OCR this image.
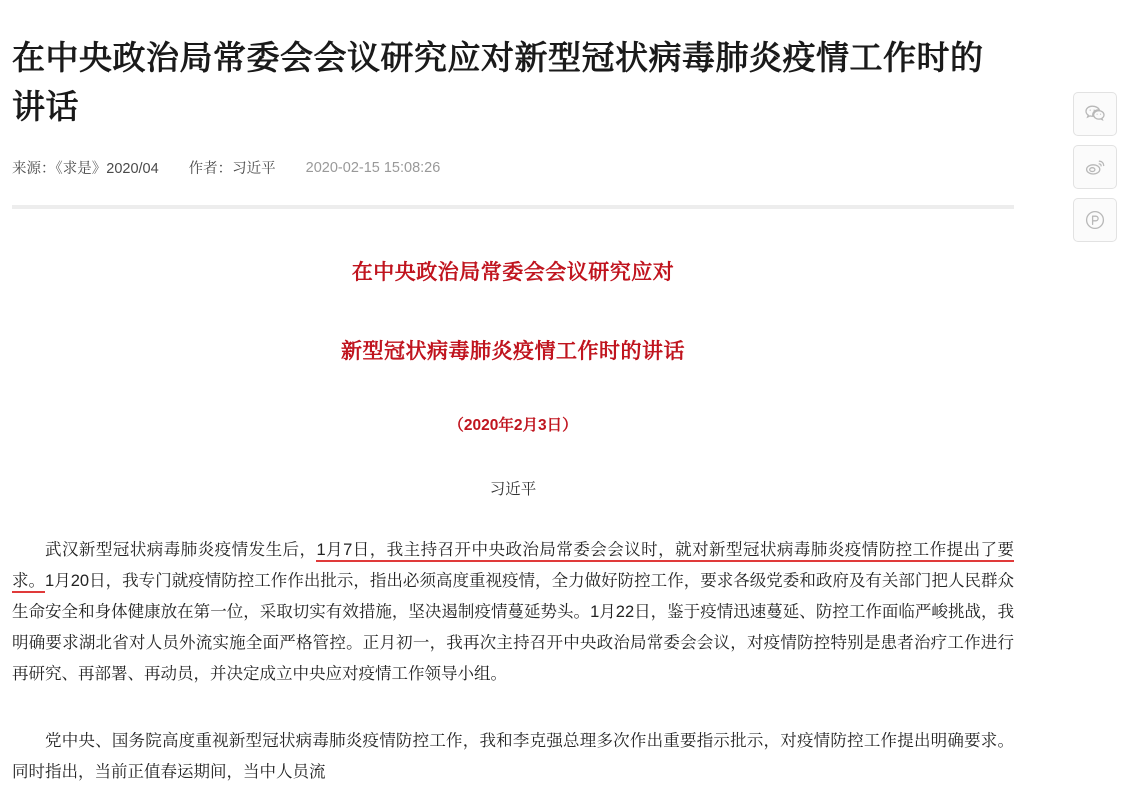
在中央政治局常委会会议研究应对新型冠状病毒肺炎疫情工作时的讲话
来源：《求是》2020/04 作者：习近平 2020-02-15 15:08:26
在中央政治局常委会会议研究应对
新型冠状病毒肺炎疫情工作时的讲话
（2020年2月3日）
习近平

武汉新型冠状病毒肺炎疫情发生后，1月7日，我主持召开中央政治局常委会会议时，就对新型冠状病毒肺炎疫情防控工作提出了要求。1月20日，我专门就疫情防控工作作出批示，指出必须高度重视疫情，全力做好防控工作，要求各级党委和政府及有关部门把人民群众生命安全和身体健康放在第一位，采取切实有效措施，坚决遏制疫情蔓延势头。1月22日，鉴于疫情迅速蔓延、防控工作面临严峻挑战，我明确要求湖北省对人员外流实施全面严格管控。正月初一，我再次主持召开中央政治局常委会会议，对疫情防控特别是患者治疗工作进行再研究、再部署、再动员，并决定成立中央应对疫情工作领导小组。

党中央、国务院高度重视新型冠状病毒肺炎疫情防控工作，我和李克强总理多次作出重要指示批示，对疫情防控工作提出明确要求。同时指出，当前正值春运期间，当中人员流
